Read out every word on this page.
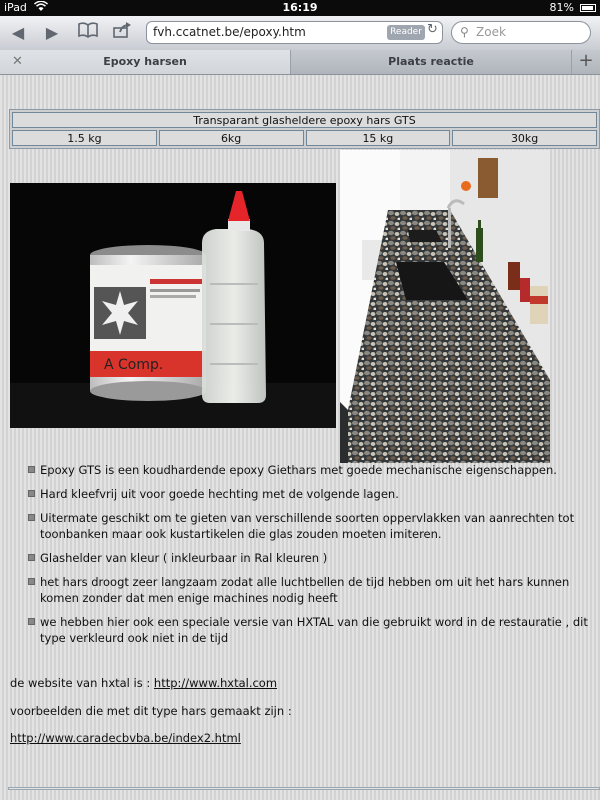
iPad	16:19	81%
◀	▶	fvh.ccatnet.be/epoxy.htm	Reader ↻ ⚲ Zoek
✕	Epoxy harsen	Plaats reactie	+
Transparant glasheldere epoxy hars GTS
1.5 kg	6kg	15 kg	30kg
A Comp.
Epoxy GTS is een koudhardende epoxy Giethars met goede mechanische eigenschappen.
Hard kleefvrij uit voor goede hechting met de volgende lagen.
Uitermate geschikt om te gieten van verschillende soorten oppervlakken van aanrechten tot toonbanken maar ook kustartikelen die glas zouden moeten imiteren.
Glashelder van kleur ( inkleurbaar in Ral kleuren )
het hars droogt zeer langzaam zodat alle luchtbellen de tijd hebben om uit het hars kunnen komen zonder dat men enige machines nodig heeft
we hebben hier ook een speciale versie van HXTAL van die gebruikt word in de restauratie , dit type verkleurd ook niet in de tijd
de website van hxtal is : http://www.hxtal.com
voorbeelden die met dit type hars gemaakt zijn :
http://www.caradecbvba.be/index2.html
